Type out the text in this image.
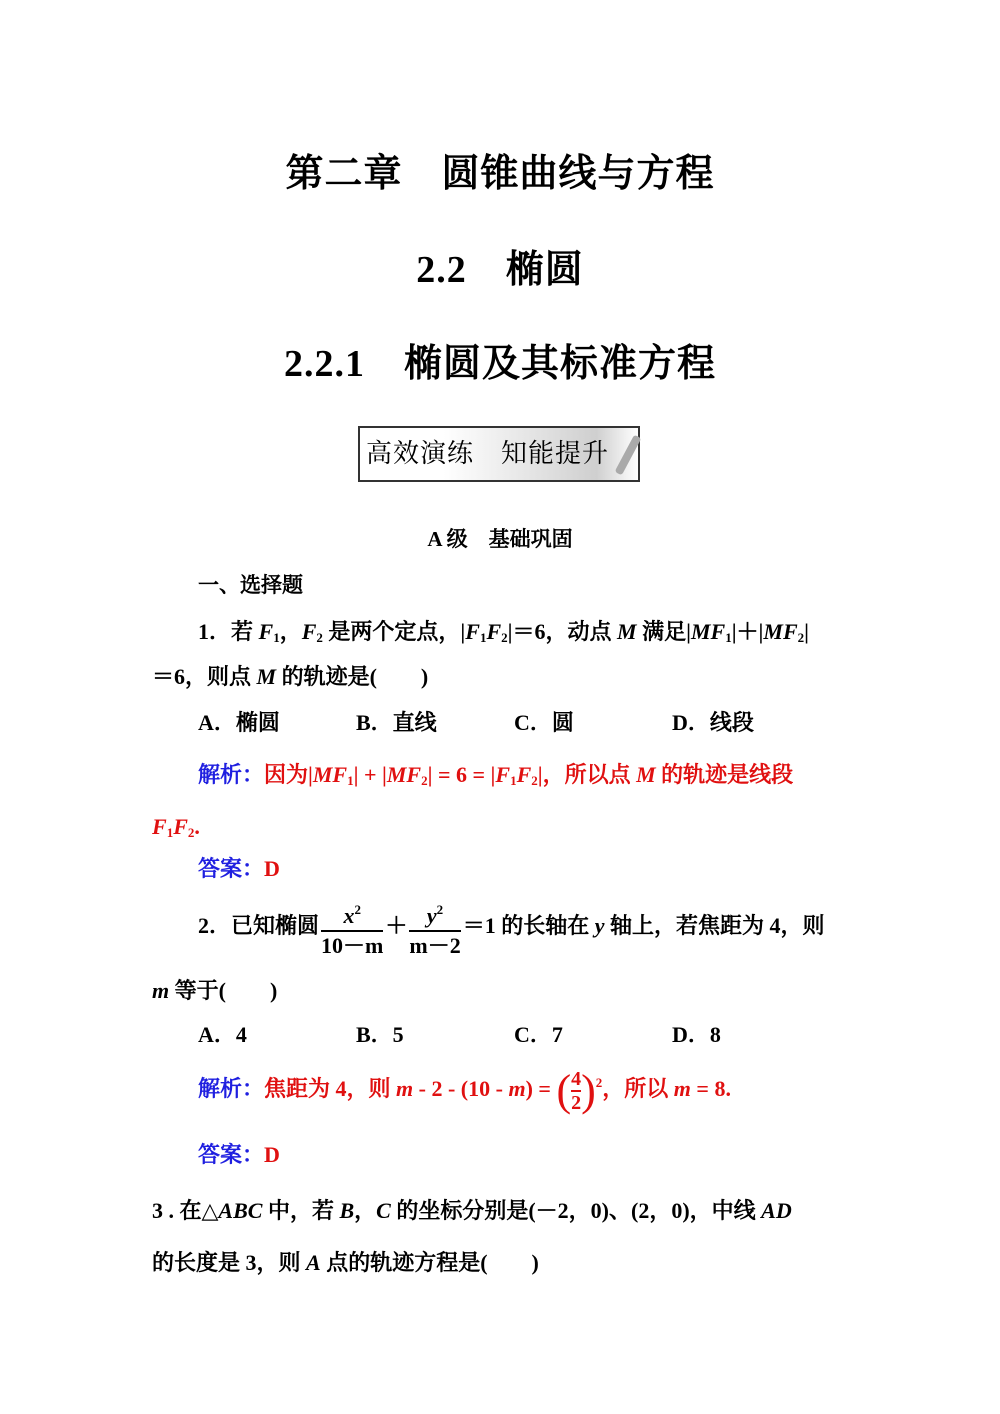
第二章　圆锥曲线与方程
2.2　椭圆
2.2.1　椭圆及其标准方程
高效演练　知能提升
A 级　基础巩固
一、选择题
1．若 $F_1$，$F_2$ 是两个定点，$|F_1F_2|=6$，动点 M 满足$|MF_1|+|MF_2|$
＝6，则点 M 的轨迹是(　　)
A．椭圆	B．直线	C．圆	D．线段
解析：因为$|MF_1| + |MF_2| = 6 = |F_1F_2|$，所以点 M 的轨迹是线段
$F_1F_2$.
答案：D
2．已知椭圆 $\frac{x^2}{10-m} + \frac{y^2}{m-2} =1$ 的长轴在 y 轴上，若焦距为 4，则
m 等于(　　)
A．4	B．5	C．7	D．8
解析：焦距为 4，则 m - 2 - (10 - m) = ( $\frac{4}{2} )^2$，所以 m = 8.
答案：D
3 . 在△ABC 中，若 B，C 的坐标分别是(－2，0)、(2，0)，中线 AD
的长度是 3，则 A 点的轨迹方程是(　　)
